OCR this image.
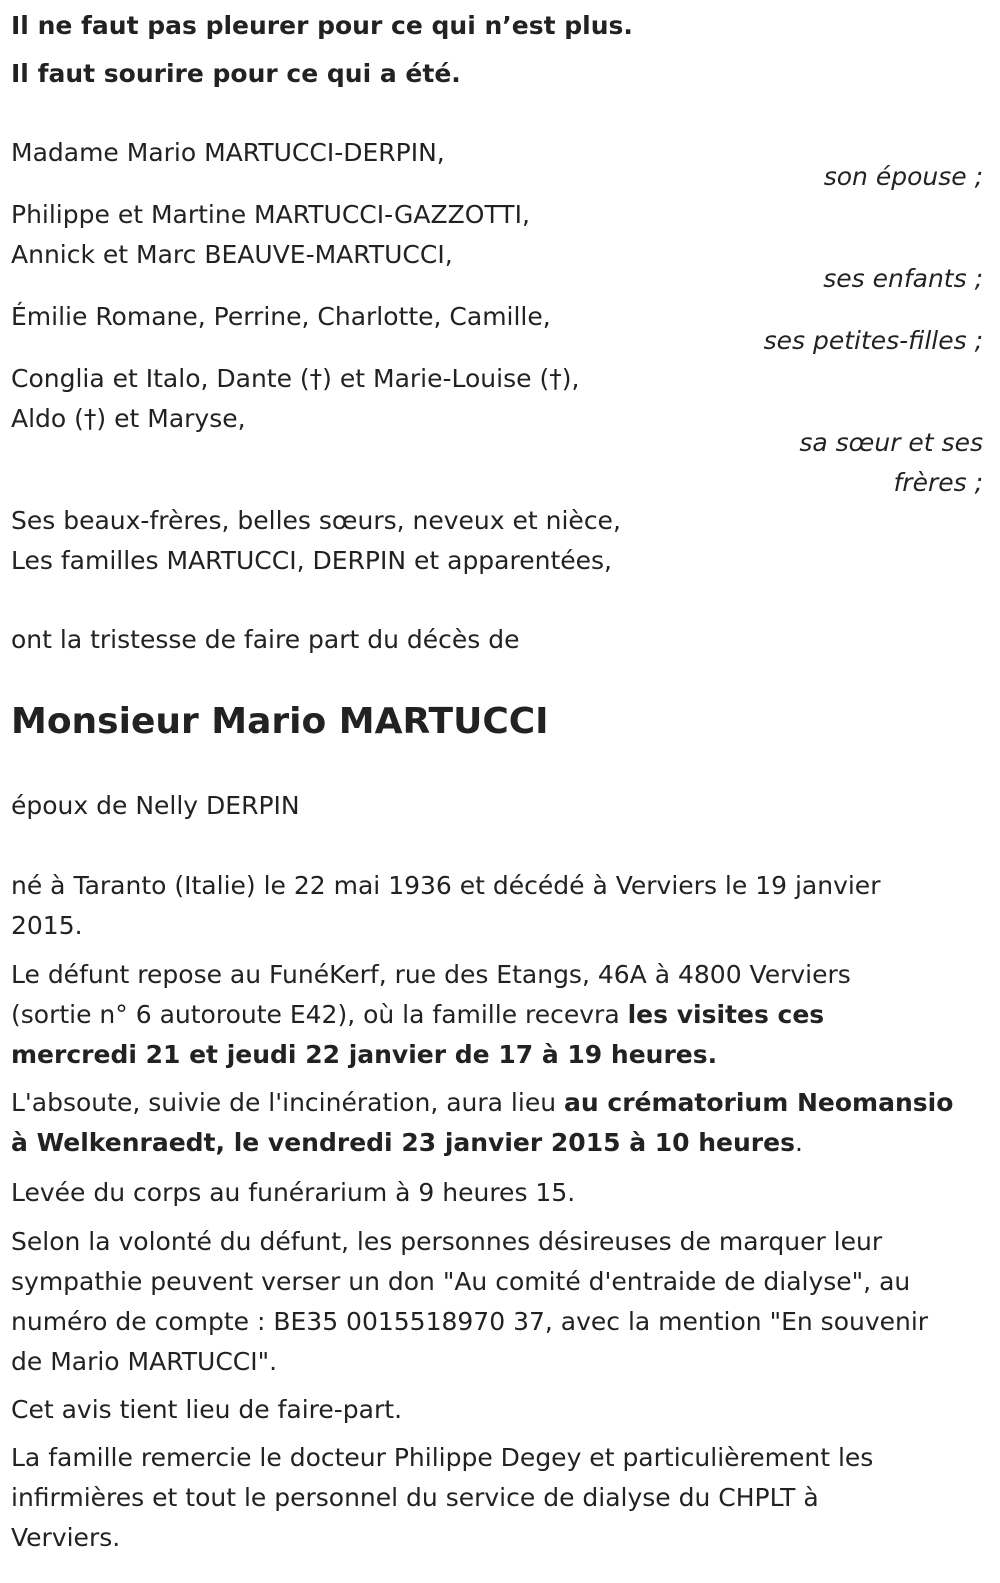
Il ne faut pas pleurer pour ce qui n’est plus.
Il faut sourire pour ce qui a été.
Madame Mario MARTUCCI-DERPIN,
son épouse ;
Philippe et Martine MARTUCCI-GAZZOTTI,
Annick et Marc BEAUVE-MARTUCCI,
ses enfants ;
Émilie Romane, Perrine, Charlotte, Camille,
ses petites-filles ;
Conglia et Italo, Dante (†) et Marie-Louise (†),
Aldo (†) et Maryse,
sa sœur et ses
frères ;
Ses beaux-frères, belles sœurs, neveux et nièce,
Les familles MARTUCCI, DERPIN et apparentées,
ont la tristesse de faire part du décès de
Monsieur Mario MARTUCCI
époux de Nelly DERPIN
né à Taranto (Italie) le 22 mai 1936 et décédé à Verviers le 19 janvier
2015.
Le défunt repose au FunéKerf, rue des Etangs, 46A à 4800 Verviers
(sortie n° 6 autoroute E42), où la famille recevra les visites ces
mercredi 21 et jeudi 22 janvier de 17 à 19 heures.
L'absoute, suivie de l'incinération, aura lieu au crématorium Neomansio
à Welkenraedt, le vendredi 23 janvier 2015 à 10 heures.
Levée du corps au funérarium à 9 heures 15.
Selon la volonté du défunt, les personnes désireuses de marquer leur
sympathie peuvent verser un don "Au comité d'entraide de dialyse", au
numéro de compte : BE35 0015518970 37, avec la mention "En souvenir
de Mario MARTUCCI".
Cet avis tient lieu de faire-part.
La famille remercie le docteur Philippe Degey et particulièrement les
infirmières et tout le personnel du service de dialyse du CHPLT à
Verviers.
